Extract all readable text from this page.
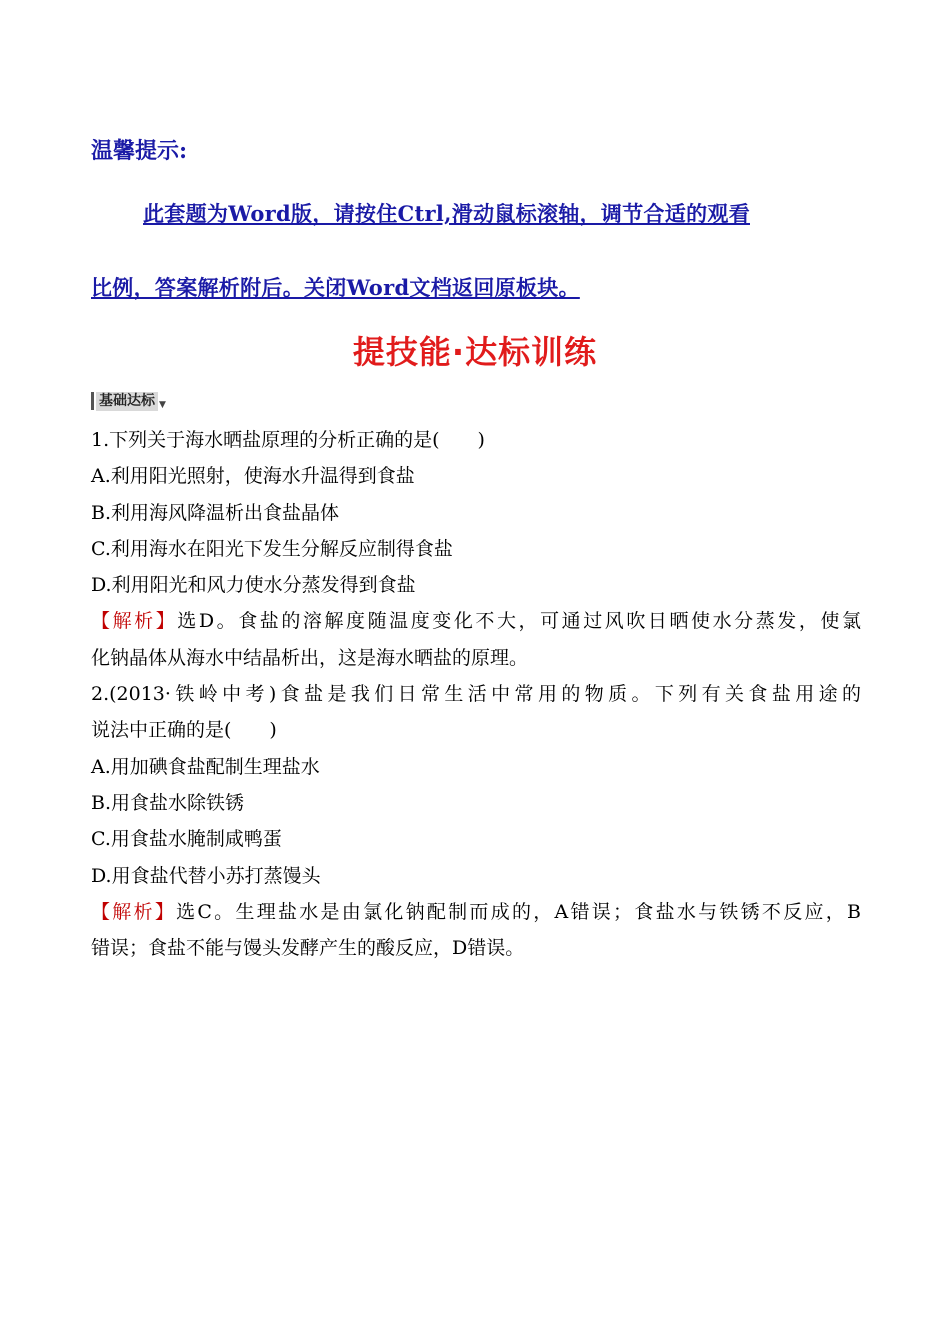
温馨提示:
此套题为Word版，请按住Ctrl,滑动鼠标滚轴，调节合适的观看
比例，答案解析附后。关闭Word文档返回原板块。
提技能·达标训练
基础达标 ▼
1.下列关于海水晒盐原理的分析正确的是(　　)
A.利用阳光照射，使海水升温得到食盐
B.利用海风降温析出食盐晶体
C.利用海水在阳光下发生分解反应制得食盐
D.利用阳光和风力使水分蒸发得到食盐
【解析】选D。食盐的溶解度随温度变化不大，可通过风吹日晒使水分蒸发，使氯
化钠晶体从海水中结晶析出，这是海水晒盐的原理。
2.(2013·铁岭中考)食盐是我们日常生活中常用的物质。下列有关食盐用途的
说法中正确的是(　　)
A.用加碘食盐配制生理盐水
B.用食盐水除铁锈
C.用食盐水腌制咸鸭蛋
D.用食盐代替小苏打蒸馒头
【解析】选C。生理盐水是由氯化钠配制而成的，A错误；食盐水与铁锈不反应，B
错误；食盐不能与馒头发酵产生的酸反应，D错误。
